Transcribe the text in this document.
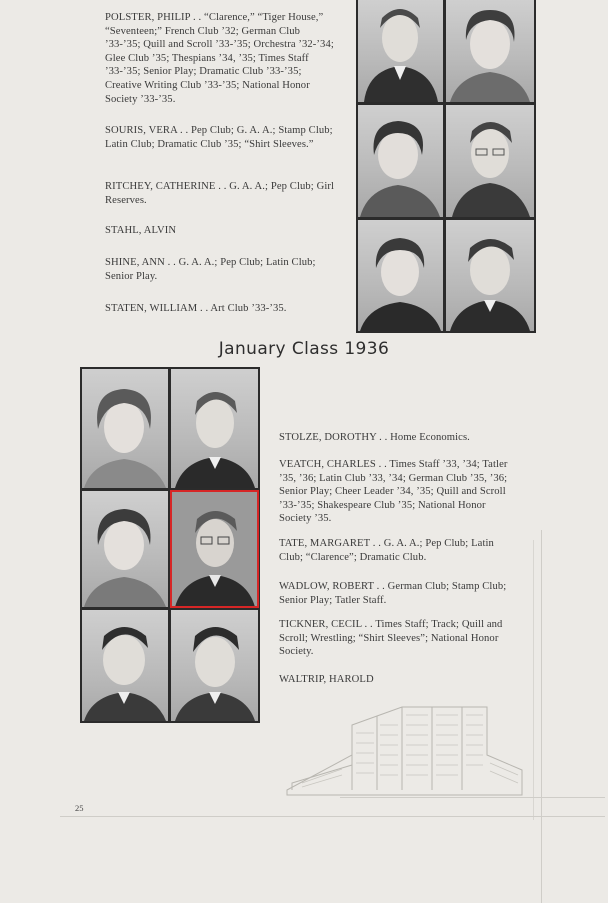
POLSTER, PHILIP . . “Clarence,” “Tiger House,” “Seventeen;” French Club ’32; German Club ’33-’35; Quill and Scroll ’33-’35; Orchestra ’32-’34; Glee Club ’35; Thespians ’34, ’35; Times Staff ’33-’35; Senior Play; Dramatic Club ’33-’35; Creative Writing Club ’33-’35; National Honor Society ’33-’35.
SOURIS, VERA . . Pep Club; G. A. A.; Stamp Club; Latin Club; Dramatic Club ’35; “Shirt Sleeves.”
RITCHEY, CATHERINE . . G. A. A.; Pep Club; Girl Reserves.
STAHL, ALVIN
SHINE, ANN . . G. A. A.; Pep Club; Latin Club; Senior Play.
STATEN, WILLIAM . . Art Club ’33-’35.
January Class 1936
STOLZE, DOROTHY . . Home Economics.
VEATCH, CHARLES . . Times Staff ’33, ’34; Tatler ’35, ’36; Latin Club ’33, ’34; German Club ’35, ’36; Senior Play; Cheer Leader ’34, ’35; Quill and Scroll ’33-’35; Shakespeare Club ’35; National Honor Society ’35.
TATE, MARGARET . . G. A. A.; Pep Club; Latin Club; “Clarence”; Dramatic Club.
WADLOW, ROBERT . . German Club; Stamp Club; Senior Play; Tatler Staff.
TICKNER, CECIL . . Times Staff; Track; Quill and Scroll; Wrestling; “Shirt Sleeves”; National Honor Society.
WALTRIP, HAROLD
25
